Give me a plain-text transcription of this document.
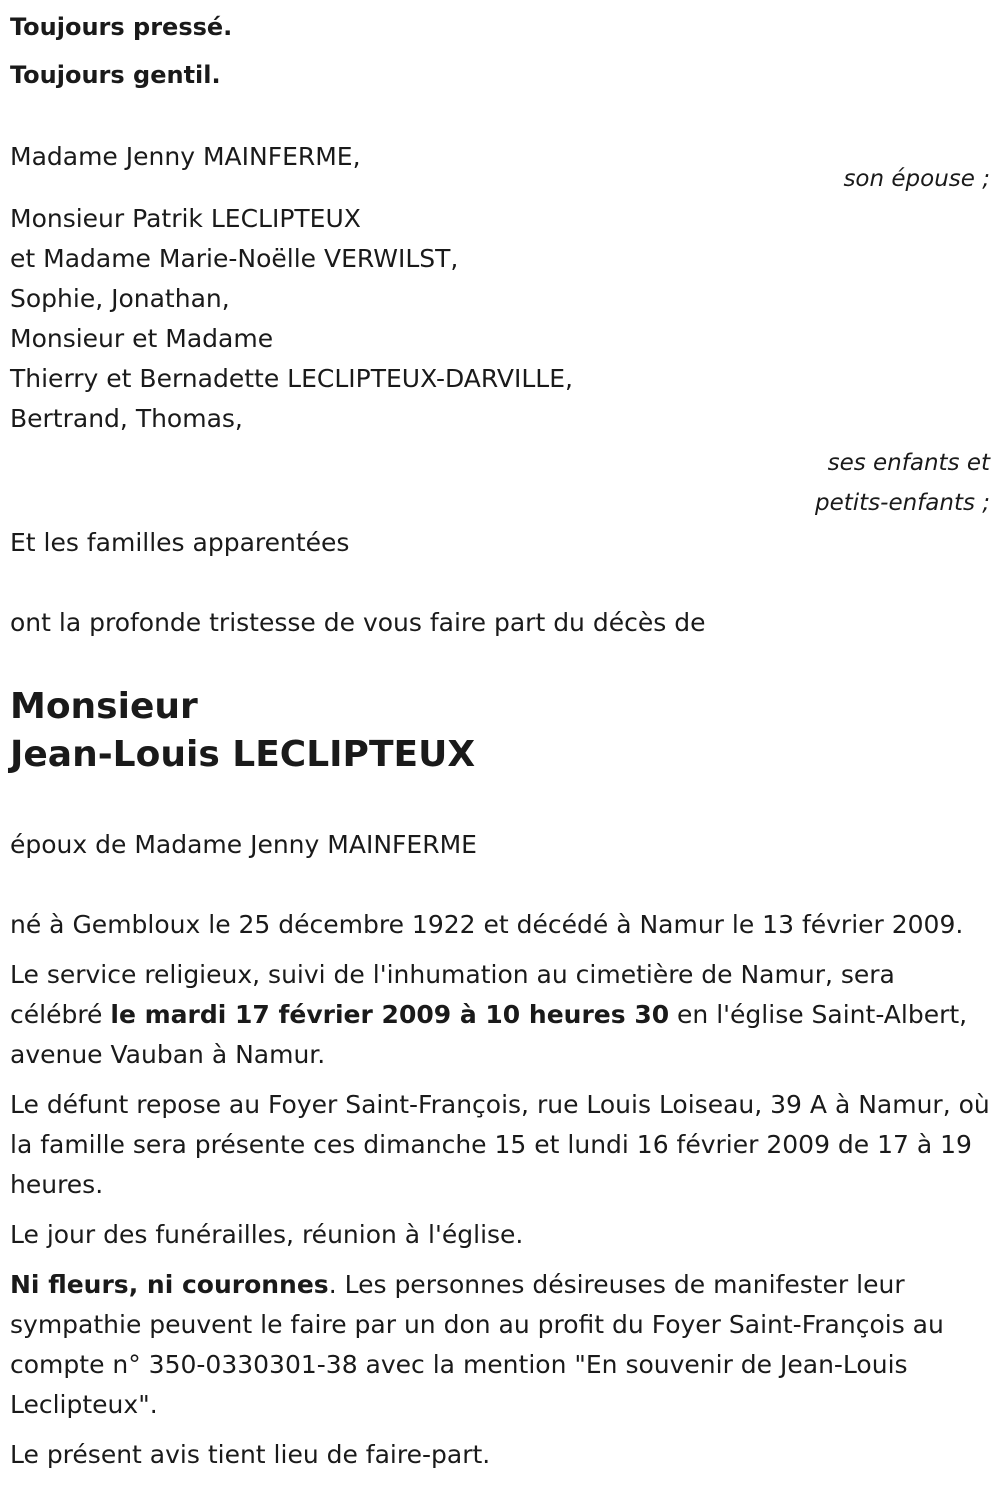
Toujours pressé.

Toujours gentil.

Madame Jenny MAINFERME,

son épouse ;

Monsieur Patrik LECLIPTEUX

et Madame Marie-Noëlle VERWILST,

Sophie, Jonathan,

Monsieur et Madame

Thierry et Bernadette LECLIPTEUX-DARVILLE,

Bertrand, Thomas,

ses enfants et

petits-enfants ;

Et les familles apparentées

ont la profonde tristesse de vous faire part du décès de

Monsieur

Jean-Louis LECLIPTEUX

époux de Madame Jenny MAINFERME

né à Gembloux le 25 décembre 1922 et décédé à Namur le 13 février 2009.

Le service religieux, suivi de l'inhumation au cimetière de Namur, sera célébré le mardi 17 février 2009 à 10 heures 30 en l'église Saint-Albert, avenue Vauban à Namur.

Le défunt repose au Foyer Saint-François, rue Louis Loiseau, 39 A à Namur, où la famille sera présente ces dimanche 15 et lundi 16 février 2009 de 17 à 19 heures.

Le jour des funérailles, réunion à l'église.

Ni fleurs, ni couronnes. Les personnes désireuses de manifester leur sympathie peuvent le faire par un don au profit du Foyer Saint-François au compte n° 350-0330301-38 avec la mention "En souvenir de Jean-Louis Leclipteux".

Le présent avis tient lieu de faire-part.
